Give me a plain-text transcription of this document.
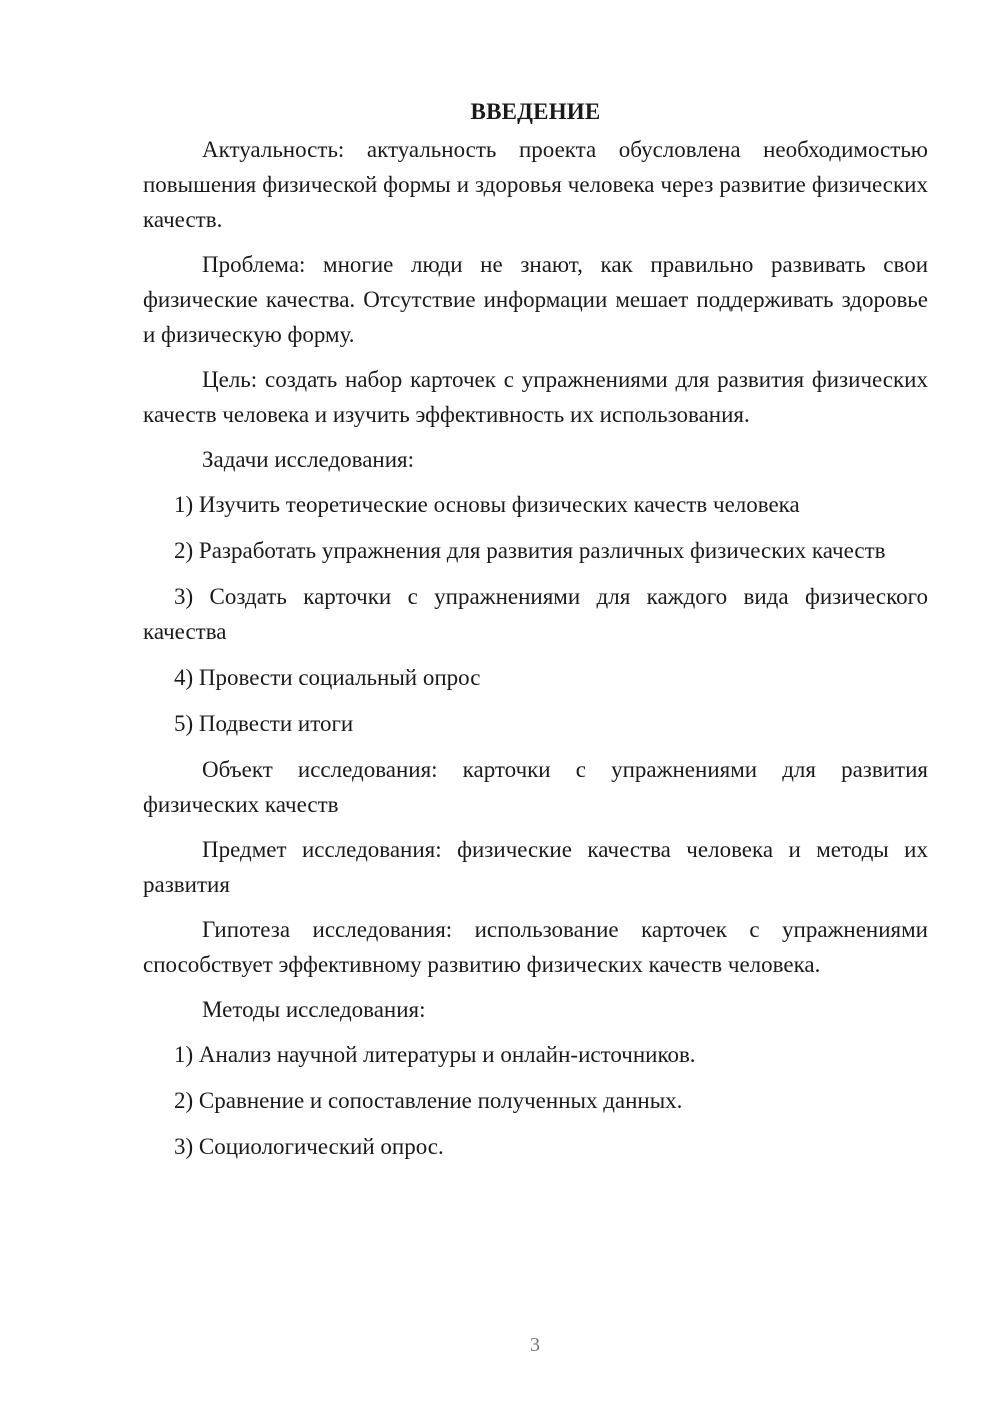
ВВЕДЕНИЕ
Актуальность: актуальность проекта обусловлена необходимостью повышения физической формы и здоровья человека через развитие физических качеств.
Проблема: многие люди не знают, как правильно развивать свои физические качества. Отсутствие информации мешает поддерживать здоровье и физическую форму.
Цель: создать набор карточек с упражнениями для развития физических качеств человека и изучить эффективность их использования.
Задачи исследования:
1) Изучить теоретические основы физических качеств человека
2) Разработать упражнения для развития различных физических качеств
3) Создать карточки с упражнениями для каждого вида физического качества
4) Провести социальный опрос
5) Подвести итоги
Объект исследования: карточки с упражнениями для развития физических качеств
Предмет исследования: физические качества человека и методы их развития
Гипотеза исследования: использование карточек с упражнениями способствует эффективному развитию физических качеств человека.
Методы исследования:
1) Анализ научной литературы и онлайн-источников.
2) Сравнение и сопоставление полученных данных.
3) Социологический опрос.
3
